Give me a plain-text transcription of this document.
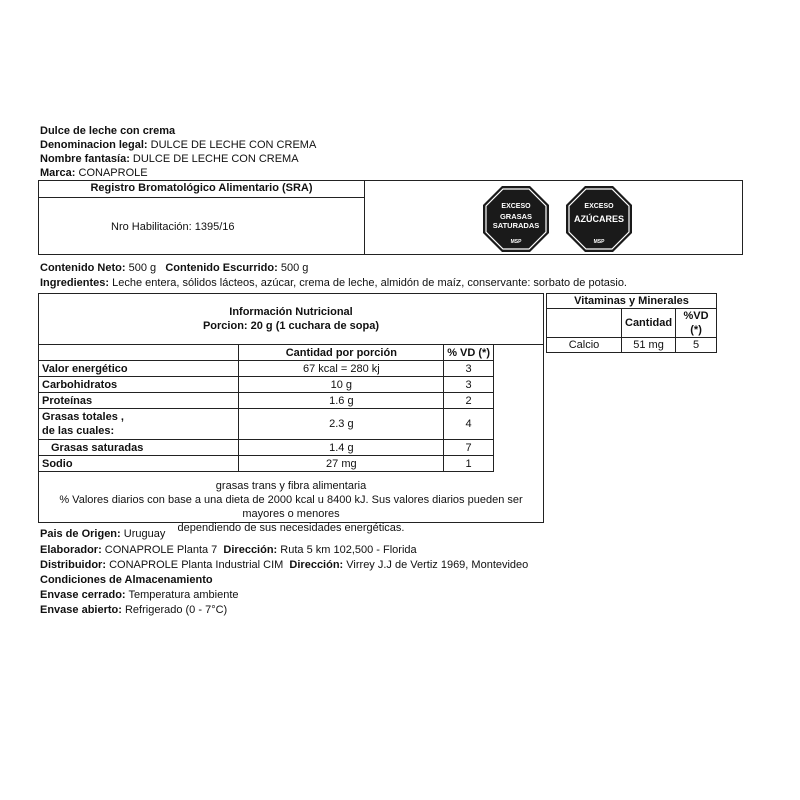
Dulce de leche con crema
Denominacion legal: DULCE DE LECHE CON CREMA
Nombre fantasía: DULCE DE LECHE CON CREMA
Marca: CONAPROLE
Registro Bromatológico Alimentario (SRA)
Nro Habilitación: 1395/16
EXCESO
GRASAS
SATURADAS
MSP
EXCESO
AZÚCARES
MSP
Contenido Neto: 500 g Contenido Escurrido: 500 g
Ingredientes: Leche entera, sólidos lácteos, azúcar, crema de leche, almidón de maíz, conservante: sorbato de potasio.
Información Nutricional
Porcion: 20 g (1 cuchara de sopa)
	Cantidad por porción	% VD (*)
Valor energético	67 kcal = 280 kj	3
Carbohidratos	10 g	3
Proteínas	1.6 g	2
Grasas totales ,
de las cuales:	2.3 g	4
Grasas saturadas	1.4 g	7
Sodio	27 mg	1
grasas trans y fibra alimentaria
% Valores diarios con base a una dieta de 2000 kcal u 8400 kJ. Sus valores diarios pueden ser mayores o menores
dependiendo de sus necesidades energéticas.
Vitaminas y Minerales		
	Cantidad	%VD (*)
Calcio	51 mg	5
Pais de Origen: Uruguay
Elaborador: CONAPROLE Planta 7 Dirección: Ruta 5 km 102,500 - Florida
Distribuidor: CONAPROLE Planta Industrial CIM Dirección: Virrey J.J de Vertiz 1969, Montevideo
Condiciones de Almacenamiento
Envase cerrado: Temperatura ambiente
Envase abierto: Refrigerado (0 - 7°C)
